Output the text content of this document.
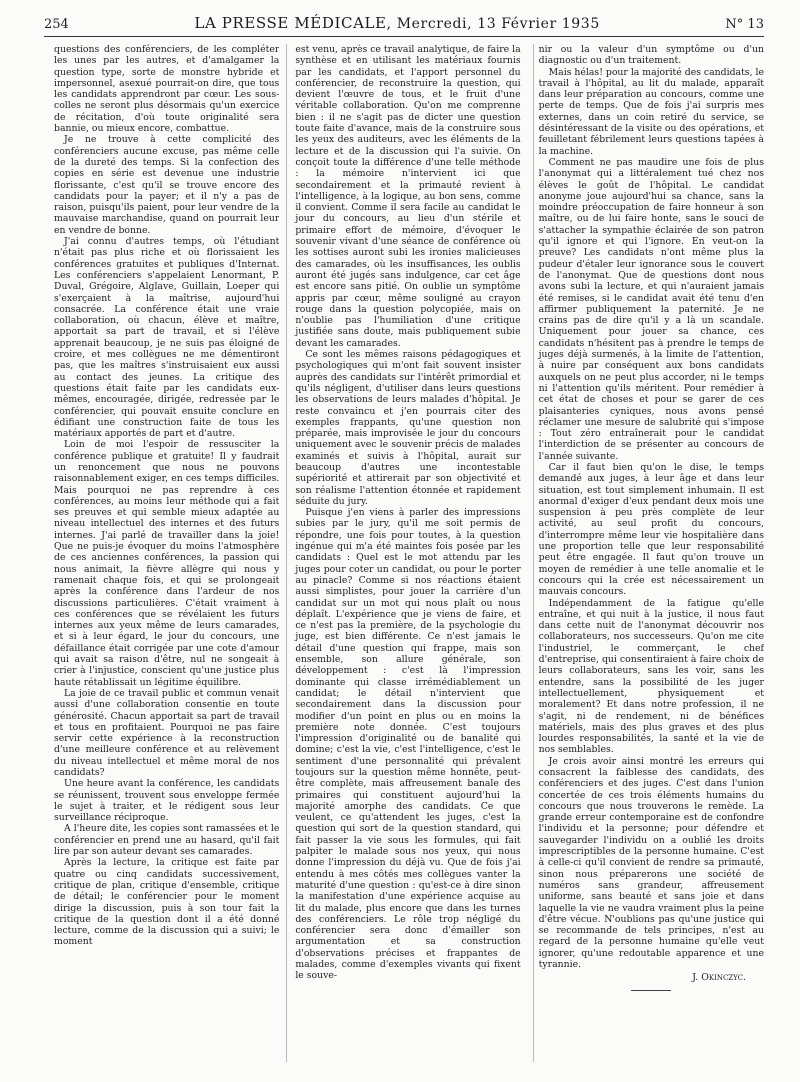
254	LA PRESSE MÉDICALE, Mercredi, 13 Février 1935	N° 13

questions des conférenciers, de les compléter les unes par les autres, et d'amalgamer la question type, sorte de monstre hybride et impersonnel, asexué pourrait-on dire, que tous les candidats apprendront par cœur. Les sous-colles ne seront plus désormais qu'un exercice de récitation, d'où toute originalité sera bannie, ou mieux encore, combattue.

Je ne trouve à cette complicité des conférenciers aucune excuse, pas même celle de la dureté des temps. Si la confection des copies en série est devenue une industrie florissante, c'est qu'il se trouve encore des candidats pour la payer; et il n'y a pas de raison, puisqu'ils paient, pour leur vendre de la mauvaise marchandise, quand on pourrait leur en vendre de bonne.

J'ai connu d'autres temps, où l'étudiant n'était pas plus riche et où florissaient les conférences gratuites et publiques d'Internat. Les conférenciers s'appelaient Lenormant, P. Duval, Grégoire, Alglave, Guillain, Loeper qui s'exerçaient à la maîtrise, aujourd'hui consacrée. La conférence était une vraie collaboration, où chacun, élève et maître, apportait sa part de travail, et si l'élève apprenait beaucoup, je ne suis pas éloigné de croire, et mes collègues ne me démentiront pas, que les maîtres s'instruisaient eux aussi au contact des jeunes. La critique des questions était faite par les candidats eux-mêmes, encouragée, dirigée, redressée par le conférencier, qui pouvait ensuite conclure en édifiant une construction faite de tous les matériaux apportés de part et d'autre.

Loin de moi l'espoir de ressusciter la conférence publique et gratuite! Il y faudrait un renoncement que nous ne pouvons raisonnablement exiger, en ces temps difficiles. Mais pourquoi ne pas reprendre à ces conférences, au moins leur méthode qui a fait ses preuves et qui semble mieux adaptée au niveau intellectuel des internes et des futurs internes. J'ai parlé de travailler dans la joie! Que ne puis-je évoquer du moins l'atmosphère de ces anciennes conférences, la passion qui nous animait, la fièvre allègre qui nous y ramenait chaque fois, et qui se prolongeait après la conférence dans l'ardeur de nos discussions particulières. C'était vraiment à ces conférences que se révélaient les futurs internes aux yeux même de leurs camarades, et si à leur égard, le jour du concours, une défaillance était corrigée par une cote d'amour qui avait sa raison d'être, nul ne songeait à crier à l'injustice, conscient qu'une justice plus haute rétablissait un légitime équilibre.

La joie de ce travail public et commun venait aussi d'une collaboration consentie en toute générosité. Chacun apportait sa part de travail et tous en profitaient. Pourquoi ne pas faire servir cette expérience à la reconstruction d'une meilleure conférence et au relèvement du niveau intellectuel et même moral de nos candidats?

Une heure avant la conférence, les candidats se réunissent, trouvent sous enveloppe fermée le sujet à traiter, et le rédigent sous leur surveillance réciproque.

A l'heure dite, les copies sont ramassées et le conférencier en prend une au hasard, qu'il fait lire par son auteur devant ses camarades.

Après la lecture, la critique est faite par quatre ou cinq candidats successivement, critique de plan, critique d'ensemble, critique de détail; le conférencier pour le moment dirige la discussion, puis à son tour fait la critique de la question dont il a été donné lecture, comme de la discussion qui a suivi; le moment

est venu, après ce travail analytique, de faire la synthèse et en utilisant les matériaux fournis par les candidats, et l'apport personnel du conférencier, de reconstruire la question, qui devient l'œuvre de tous, et le fruit d'une véritable collaboration. Qu'on me comprenne bien : il ne s'agit pas de dicter une question toute faite d'avance, mais de la construire sous les yeux des auditeurs, avec les éléments de la lecture et de la discussion qui l'a suivie. On conçoit toute la différence d'une telle méthode : la mémoire n'intervient ici que secondairement et la primauté revient à l'intelligence, à la logique, au bon sens, comme il convient. Comme il sera facile au candidat le jour du concours, au lieu d'un stérile et primaire effort de mémoire, d'évoquer le souvenir vivant d'une séance de conférence où les sottises auront subi les ironies malicieuses des camarades, où les insuffisances, les oublis auront été jugés sans indulgence, car cet âge est encore sans pitié. On oublie un symptôme appris par cœur, même souligné au crayon rouge dans la question polycopiée, mais on n'oublie pas l'humiliation d'une critique justifiée sans doute, mais publiquement subie devant les camarades.

Ce sont les mêmes raisons pédagogiques et psychologiques qui m'ont fait souvent insister auprès des candidats sur l'intérêt primordial et qu'ils négligent, d'utiliser dans leurs questions les observations de leurs malades d'hôpital. Je reste convaincu et j'en pourrais citer des exemples frappants, qu'une question non préparée, mais improvisée le jour du concours uniquement avec le souvenir précis de malades examinés et suivis à l'hôpital, aurait sur beaucoup d'autres une incontestable supériorité et attirerait par son objectivité et son réalisme l'attention étonnée et rapidement séduite du jury.

Puisque j'en viens à parler des impressions subies par le jury, qu'il me soit permis de répondre, une fois pour toutes, à la question ingénue qui m'a été maintes fois posée par les candidats : Quel est le mot attendu par les juges pour coter un candidat, ou pour le porter au pinacle? Comme si nos réactions étaient aussi simplistes, pour jouer la carrière d'un candidat sur un mot qui nous plaît ou nous déplaît. L'expérience que je viens de faire, et ce n'est pas la première, de la psychologie du juge, est bien différente. Ce n'est jamais le détail d'une question qui frappe, mais son ensemble, son allure générale, son développement : c'est là l'impression dominante qui classe irrémédiablement un candidat; le détail n'intervient que secondairement dans la discussion pour modifier d'un point en plus ou en moins la première note donnée. C'est toujours l'impression d'originalité ou de banalité qui domine; c'est la vie, c'est l'intelligence, c'est le sentiment d'une personnalité qui prévalent toujours sur la question même honnête, peut-être complète, mais affreusement banale des primaires qui constituent aujourd'hui la majorité amorphe des candidats. Ce que veulent, ce qu'attendent les juges, c'est la question qui sort de la question standard, qui fait passer la vie sous les formules, qui fait palpiter le malade sous nos yeux, qui nous donne l'impression du déjà vu. Que de fois j'ai entendu à mes côtés mes collègues vanter la maturité d'une question : qu'est-ce à dire sinon la manifestation d'une expérience acquise au lit du malade, plus encore que dans les turnes des conférenciers. Le rôle trop négligé du conférencier sera donc d'émailler son argumentation et sa construction d'observations précises et frappantes de malades, comme d'exemples vivants qui fixent le souve-

nir ou la valeur d'un symptôme ou d'un diagnostic ou d'un traitement.

Mais hélas! pour la majorité des candidats, le travail à l'hôpital, au lit du malade, apparaît dans leur préparation au concours, comme une perte de temps. Que de fois j'ai surpris mes externes, dans un coin retiré du service, se désintéressant de la visite ou des opérations, et feuilletant fébrilement leurs questions tapées à la machine.

Comment ne pas maudire une fois de plus l'anonymat qui a littéralement tué chez nos élèves le goût de l'hôpital. Le candidat anonyme joue aujourd'hui sa chance, sans la moindre préoccupation de faire honneur à son maître, ou de lui faire honte, sans le souci de s'attacher la sympathie éclairée de son patron qu'il ignore et qui l'ignore. En veut-on la preuve? Les candidats n'ont même plus la pudeur d'étaler leur ignorance sous le couvert de l'anonymat. Que de questions dont nous avons subi la lecture, et qui n'auraient jamais été remises, si le candidat avait été tenu d'en affirmer publiquement la paternité. Je ne crains pas de dire qu'il y a là un scandale. Uniquement pour jouer sa chance, ces candidats n'hésitent pas à prendre le temps de juges déjà surmenés, à la limite de l'attention, à nuire par conséquent aux bons candidats auxquels on ne peut plus accorder, ni le temps ni l'attention qu'ils méritent. Pour remédier à cet état de choses et pour se garer de ces plaisanteries cyniques, nous avons pensé réclamer une mesure de salubrité qui s'impose : Tout zéro entraînerait pour le candidat l'interdiction de se présenter au concours de l'année suivante.

Car il faut bien qu'on le dise, le temps demandé aux juges, à leur âge et dans leur situation, est tout simplement inhumain. Il est anormal d'exiger d'eux pendant deux mois une suspension à peu près complète de leur activité, au seul profit du concours, d'interrompre même leur vie hospitalière dans une proportion telle que leur responsabilité peut être engagée. Il faut qu'on trouve un moyen de remédier à une telle anomalie et le concours qui la crée est nécessairement un mauvais concours.

Indépendamment de la fatigue qu'elle entraîne, et qui nuit à la justice, il nous faut dans cette nuit de l'anonymat découvrir nos collaborateurs, nos successeurs. Qu'on me cite l'industriel, le commerçant, le chef d'entreprise, qui consentiraient à faire choix de leurs collaborateurs, sans les voir, sans les entendre, sans la possibilité de les juger intellectuellement, physiquement et moralement? Et dans notre profession, il ne s'agit, ni de rendement, ni de bénéfices matériels, mais des plus graves et des plus lourdes responsabilités, la santé et la vie de nos semblables.

Je crois avoir ainsi montré les erreurs qui consacrent la faiblesse des candidats, des conférenciers et des juges. C'est dans l'union concertée de ces trois éléments humains du concours que nous trouverons le remède. La grande erreur contemporaine est de confondre l'individu et la personne; pour défendre et sauvegarder l'individu on a oublié les droits imprescriptibles de la personne humaine. C'est à celle-ci qu'il convient de rendre sa primauté, sinon nous préparerons une société de numéros sans grandeur, affreusement uniforme, sans beauté et sans joie et dans laquelle la vie ne vaudra vraiment plus la peine d'être vécue. N'oublions pas qu'une justice qui se recommande de tels principes, n'est au regard de la personne humaine qu'elle veut ignorer, qu'une redoutable apparence et une tyrannie.

J. Okinczyc.
